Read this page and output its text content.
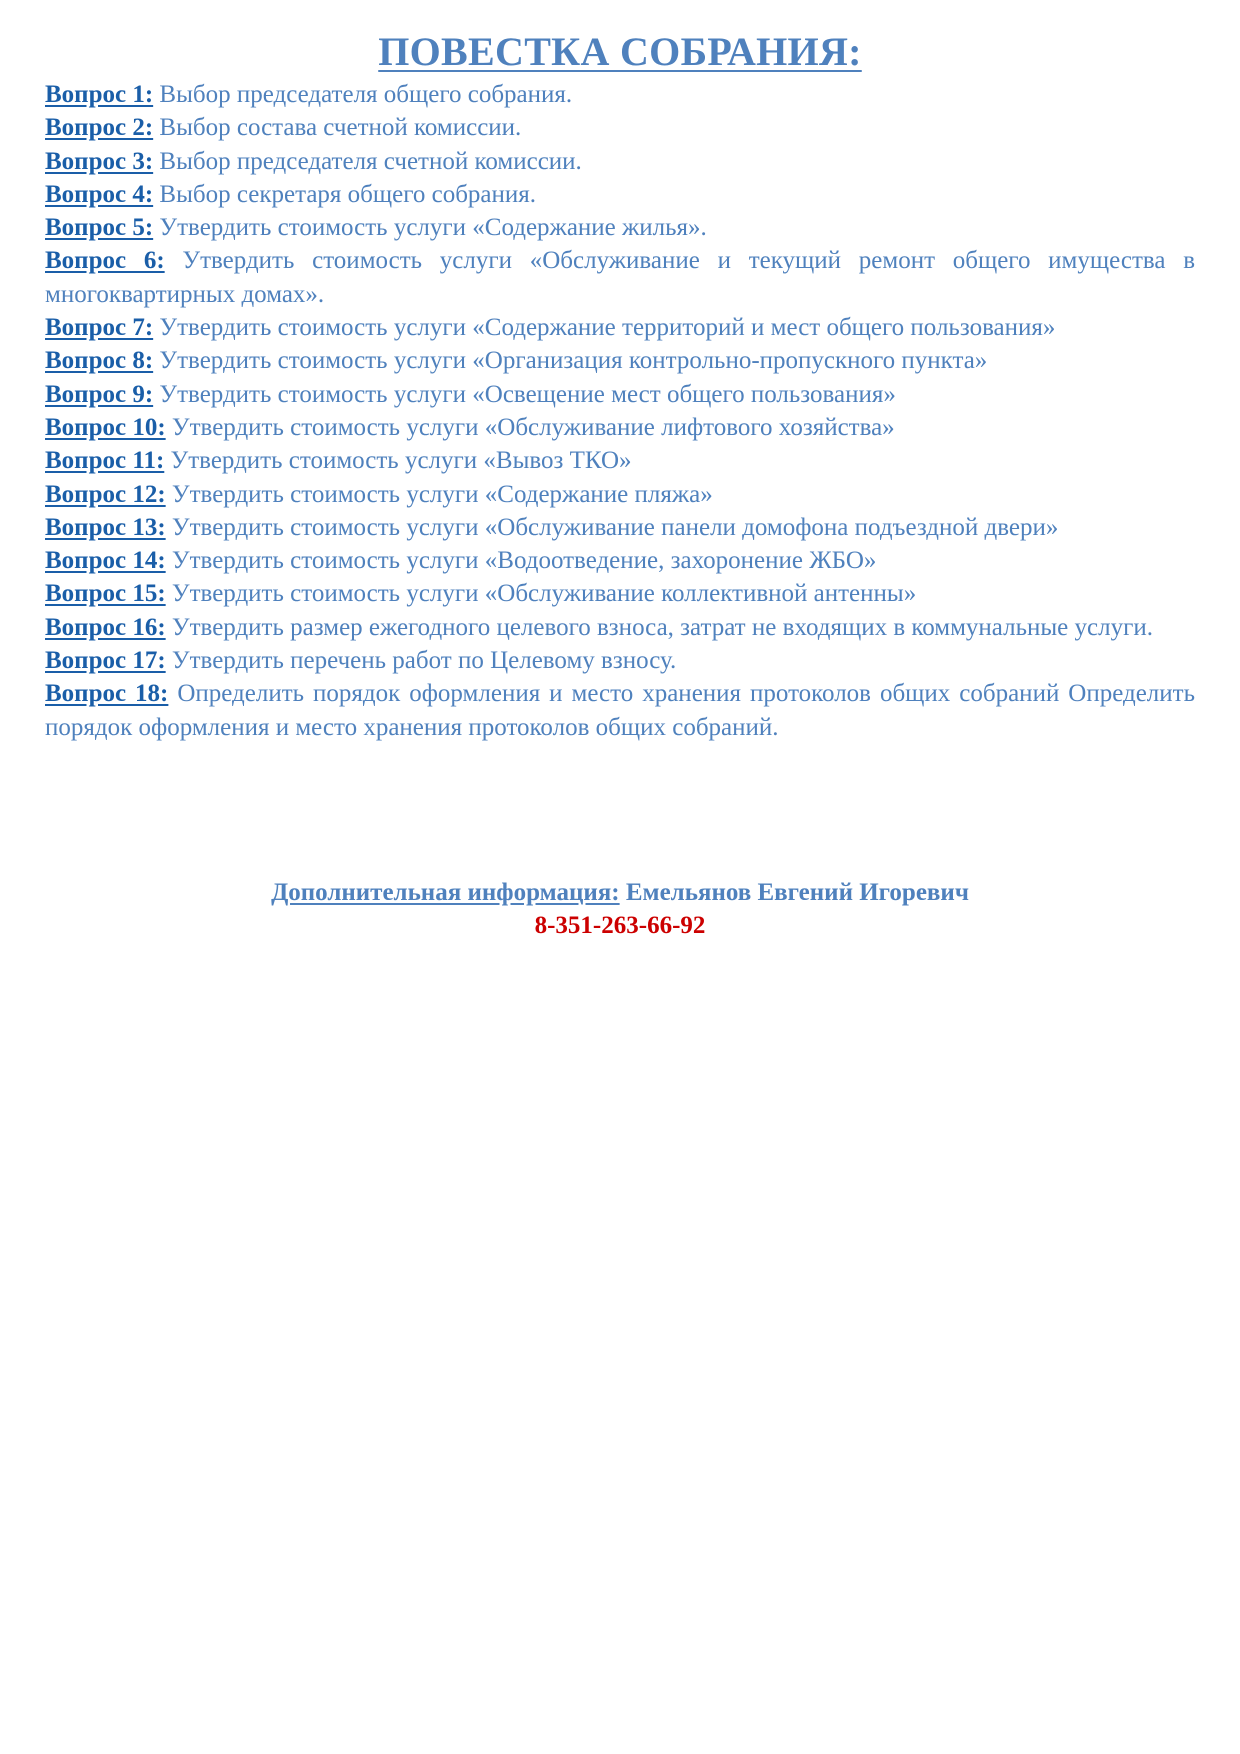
ПОВЕСТКА СОБРАНИЯ:

Вопрос 1: Выбор председателя общего собрания.

Вопрос 2: Выбор состава счетной комиссии.

Вопрос 3: Выбор председателя счетной комиссии.

Вопрос 4: Выбор секретаря общего собрания.

Вопрос 5: Утвердить стоимость услуги «Содержание жилья».

Вопрос 6: Утвердить стоимость услуги «Обслуживание и текущий ремонт общего имущества в многоквартирных домах».

Вопрос 7: Утвердить стоимость услуги «Содержание территорий и мест общего пользования»

Вопрос 8: Утвердить стоимость услуги «Организация контрольно-пропускного пункта»

Вопрос 9: Утвердить стоимость услуги «Освещение мест общего пользования»

Вопрос 10: Утвердить стоимость услуги «Обслуживание лифтового хозяйства»

Вопрос 11: Утвердить стоимость услуги «Вывоз ТКО»

Вопрос 12: Утвердить стоимость услуги «Содержание пляжа»

Вопрос 13: Утвердить стоимость услуги «Обслуживание панели домофона подъездной двери»

Вопрос 14: Утвердить стоимость услуги «Водоотведение, захоронение ЖБО»

Вопрос 15: Утвердить стоимость услуги «Обслуживание коллективной антенны»

Вопрос 16: Утвердить размер ежегодного целевого взноса, затрат не входящих в коммунальные услуги.

Вопрос 17: Утвердить перечень работ по Целевому взносу.

Вопрос 18: Определить порядок оформления и место хранения протоколов общих собраний Определить порядок оформления и место хранения протоколов общих собраний.

Дополнительная информация: Емельянов Евгений Игоревич
8-351-263-66-92
